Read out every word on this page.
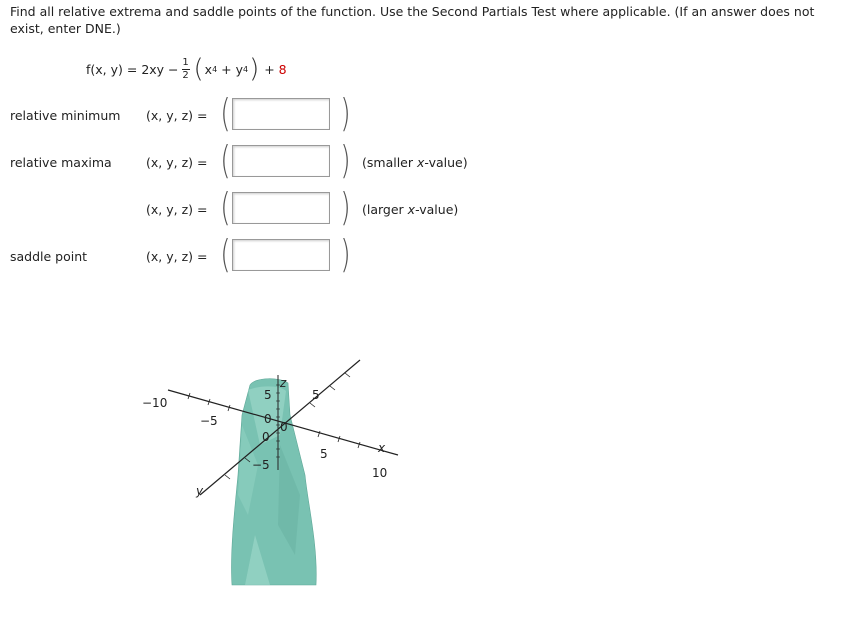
Find all relative extrema and saddle points of the function. Use the Second Partials Test where applicable. (If an answer does not exist, enter DNE.)
f(x, $y) = 2xy - \frac{1}{2}$ ( x 4 + y 4 ) + 8
relative minimum (x, y, z) = (	)
relative maxima	(x, y, z) = (	) (smaller x-value)
(x, y, z) = (	) (larger x-value)
saddle point	(x, y, z) = (	)
−10
−5
5
10
x
y
z
5
0
−5
5
0
0
